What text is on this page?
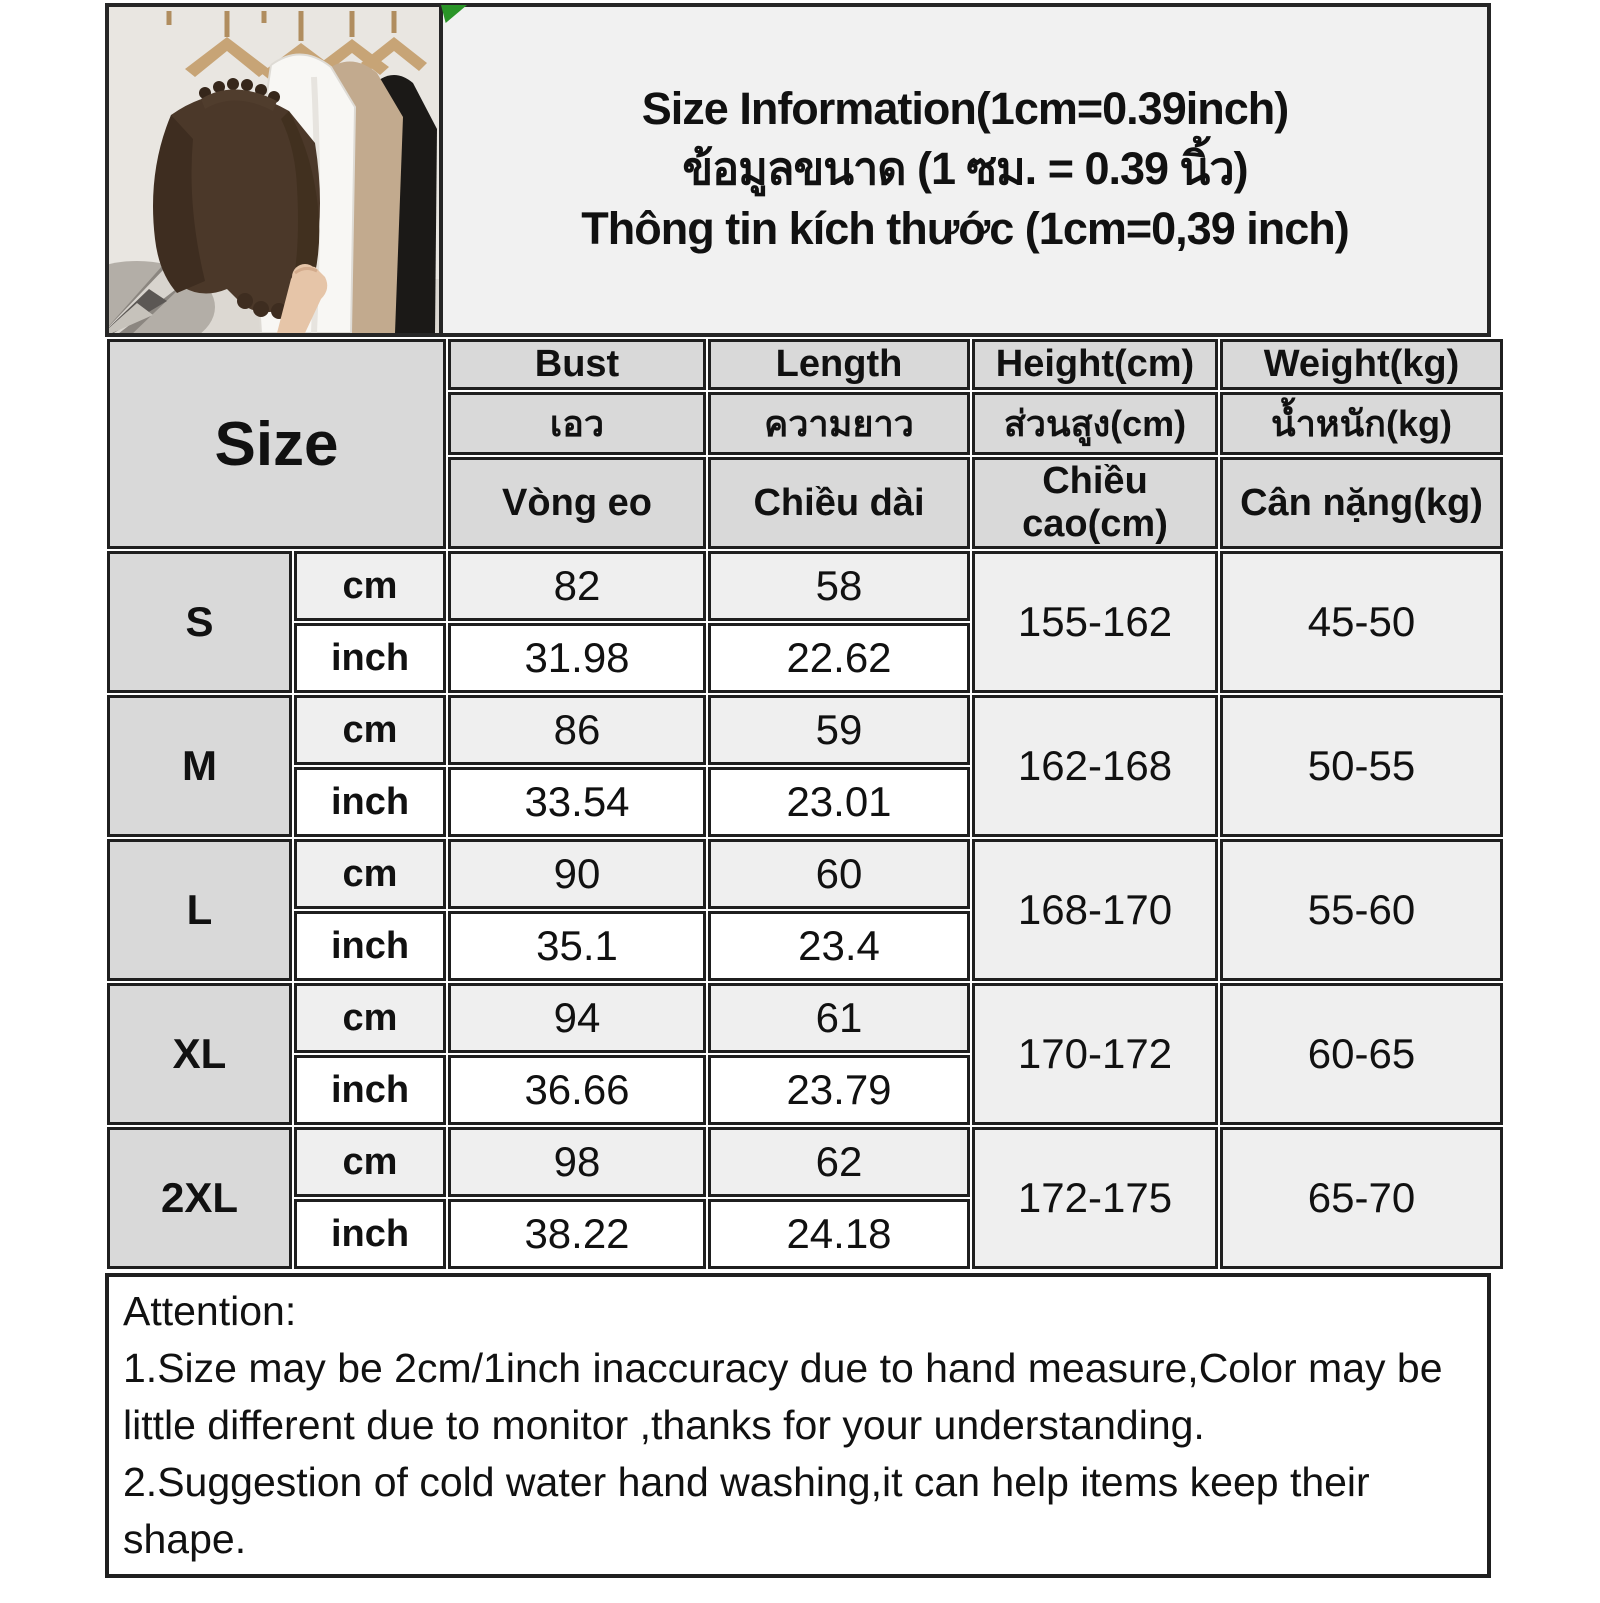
Size Information(1cm=0.39inch)
ข้อมูลขนาด (1 ซม. = 0.39 นิ้ว)
Thông tin kích thước (1cm=0,39 inch)
Size		Bust	Length	Height(cm)	Weight(kg)
		เอว	ความยาว	ส่วนสูง(cm)	น้ำหนัก(kg)
		Vòng eo	Chiều dài	Chiều cao(cm)	Cân nặng(kg)
S	cm	82	58	155-162	45-50
	inch	31.98	22.62		
M	cm	86	59	162-168	50-55
	inch	33.54	23.01		
L	cm	90	60	168-170	55-60
	inch	35.1	23.4		
XL	cm	94	61	170-172	60-65
	inch	36.66	23.79		
2XL	cm	98	62	172-175	65-70
	inch	38.22	24.18		

Attention:

1.Size may be 2cm/1inch inaccuracy due to hand measure,Color may be little different due to monitor ,thanks for your understanding.

2.Suggestion of cold water hand washing,it can help items keep their shape.
